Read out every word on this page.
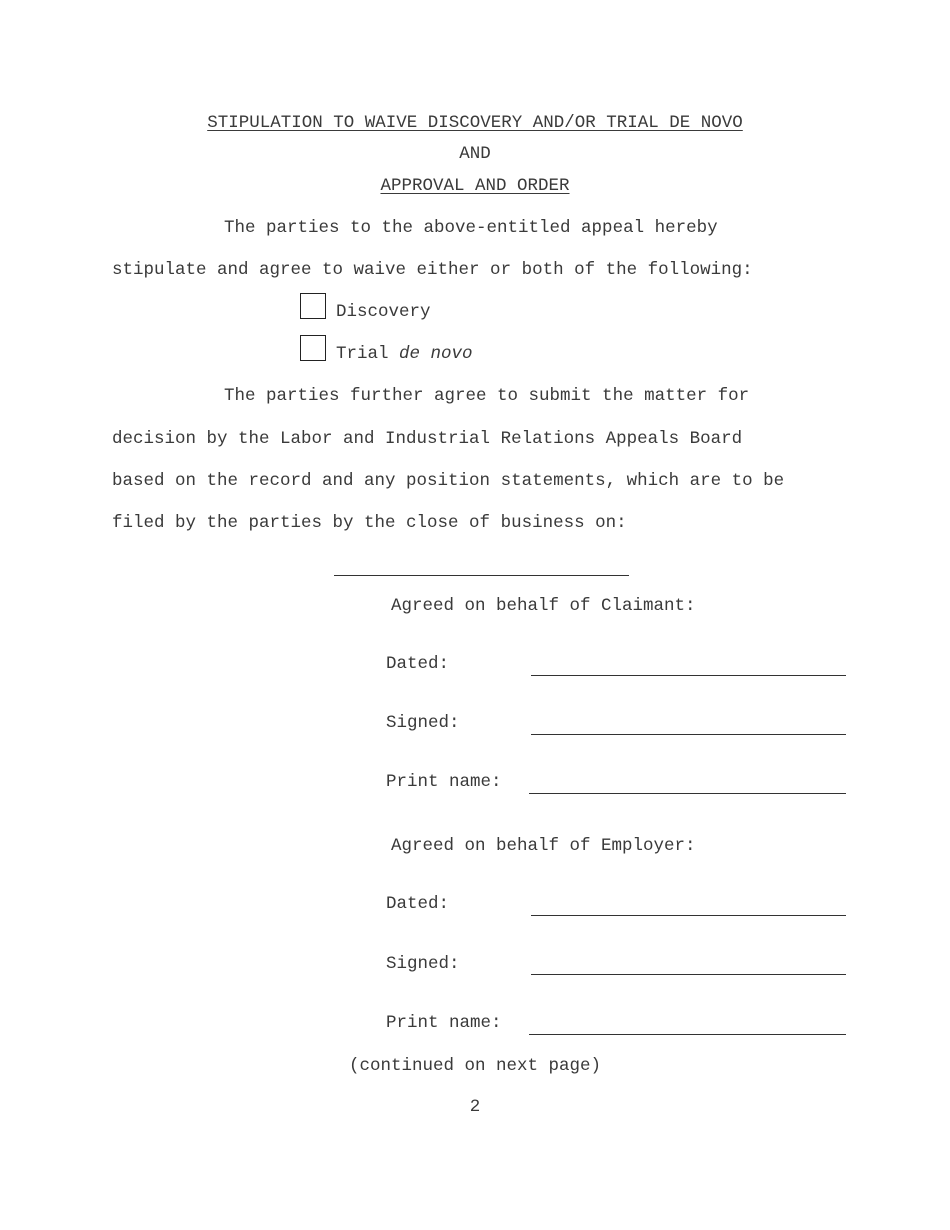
STIPULATION TO WAIVE DISCOVERY AND/OR TRIAL DE NOVO
AND
APPROVAL AND ORDER
The parties to the above-entitled appeal hereby
stipulate and agree to waive either or both of the following:
Discovery
Trial de novo
The parties further agree to submit the matter for
decision by the Labor and Industrial Relations Appeals Board
based on the record and any position statements, which are to be
filed by the parties by the close of business on:
Agreed on behalf of Claimant:
Dated:
Signed:
Print name:
Agreed on behalf of Employer:
Dated:
Signed:
Print name:
(continued on next page)
2
